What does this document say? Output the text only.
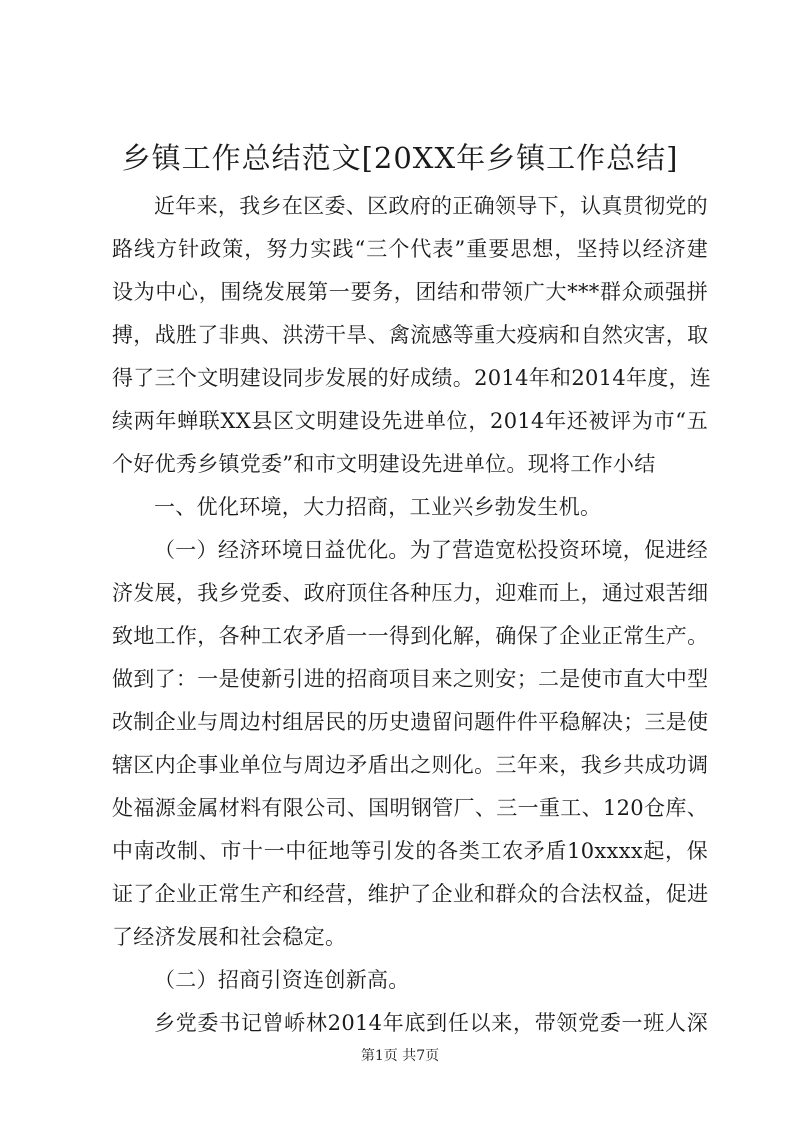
乡镇工作总结范文[20XX年乡镇工作总结]
近年来，我乡在区委、区政府的正确领导下，认真贯彻党的
路线方针政策，努力实践“三个代表”重要思想，坚持以经济建
设为中心，围绕发展第一要务，团结和带领广大***群众顽强拼
搏，战胜了非典、洪涝干旱、禽流感等重大疫病和自然灾害，取
得了三个文明建设同步发展的好成绩。2014年和2014年度，连
续两年蝉联XX县区文明建设先进单位，2014年还被评为市“五
个好优秀乡镇党委”和市文明建设先进单位。现将工作小结
一、优化环境，大力招商，工业兴乡勃发生机。
（一）经济环境日益优化。为了营造宽松投资环境，促进经
济发展，我乡党委、政府顶住各种压力，迎难而上，通过艰苦细
致地工作，各种工农矛盾一一得到化解，确保了企业正常生产。
做到了：一是使新引进的招商项目来之则安；二是使市直大中型
改制企业与周边村组居民的历史遗留问题件件平稳解决；三是使
辖区内企事业单位与周边矛盾出之则化。三年来，我乡共成功调
处福源金属材料有限公司、国明钢管厂、三一重工、120仓库、
中南改制、市十一中征地等引发的各类工农矛盾10xxxx起，保
证了企业正常生产和经营，维护了企业和群众的合法权益，促进
了经济发展和社会稳定。
（二）招商引资连创新高。
乡党委书记曾峤林2014年底到任以来，带领党委一班人深
第1页 共7页
